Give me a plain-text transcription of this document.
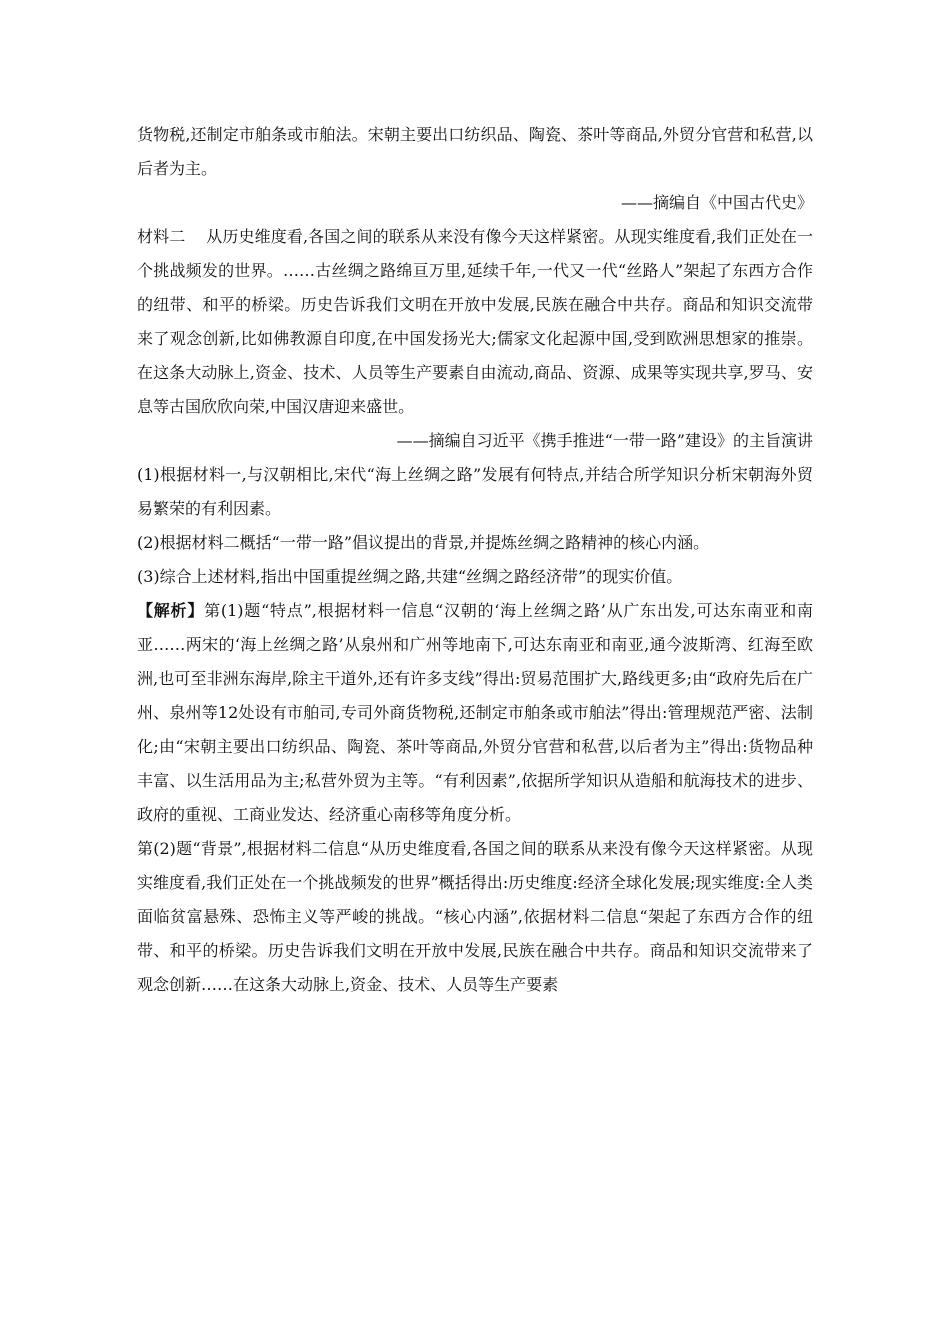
货物税,还制定市舶条或市舶法。宋朝主要出口纺织品、陶瓷、茶叶等商品,外贸分官营和私营,以后者为主。

——摘编自《中国古代史》

材料二 从历史维度看,各国之间的联系从来没有像今天这样紧密。从现实维度看,我们正处在一个挑战频发的世界。……古丝绸之路绵亘万里,延续千年,一代又一代“丝路人”架起了东西方合作的纽带、和平的桥梁。历史告诉我们文明在开放中发展,民族在融合中共存。商品和知识交流带来了观念创新,比如佛教源自印度,在中国发扬光大;儒家文化起源中国,受到欧洲思想家的推崇。在这条大动脉上,资金、技术、人员等生产要素自由流动,商品、资源、成果等实现共享,罗马、安息等古国欣欣向荣,中国汉唐迎来盛世。

——摘编自习近平《携手推进“一带一路”建设》的主旨演讲

(1)根据材料一,与汉朝相比,宋代“海上丝绸之路”发展有何特点,并结合所学知识分析宋朝海外贸易繁荣的有利因素。

(2)根据材料二概括“一带一路”倡议提出的背景,并提炼丝绸之路精神的核心内涵。

(3)综合上述材料,指出中国重提丝绸之路,共建“丝绸之路经济带”的现实价值。

【解析】第(1)题“特点”,根据材料一信息“汉朝的‘海上丝绸之路’从广东出发,可达东南亚和南亚……两宋的‘海上丝绸之路’从泉州和广州等地南下,可达东南亚和南亚,通今波斯湾、红海至欧洲,也可至非洲东海岸,除主干道外,还有许多支线”得出:贸易范围扩大,路线更多;由“政府先后在广州、泉州等12处设有市舶司,专司外商货物税,还制定市舶条或市舶法”得出:管理规范严密、法制化;由“宋朝主要出口纺织品、陶瓷、茶叶等商品,外贸分官营和私营,以后者为主”得出:货物品种丰富、以生活用品为主;私营外贸为主等。“有利因素”,依据所学知识从造船和航海技术的进步、政府的重视、工商业发达、经济重心南移等角度分析。

第(2)题“背景”,根据材料二信息“从历史维度看,各国之间的联系从来没有像今天这样紧密。从现实维度看,我们正处在一个挑战频发的世界”概括得出:历史维度:经济全球化发展;现实维度:全人类面临贫富悬殊、恐怖主义等严峻的挑战。“核心内涵”,依据材料二信息“架起了东西方合作的纽带、和平的桥梁。历史告诉我们文明在开放中发展,民族在融合中共存。商品和知识交流带来了观念创新……在这条大动脉上,资金、技术、人员等生产要素
